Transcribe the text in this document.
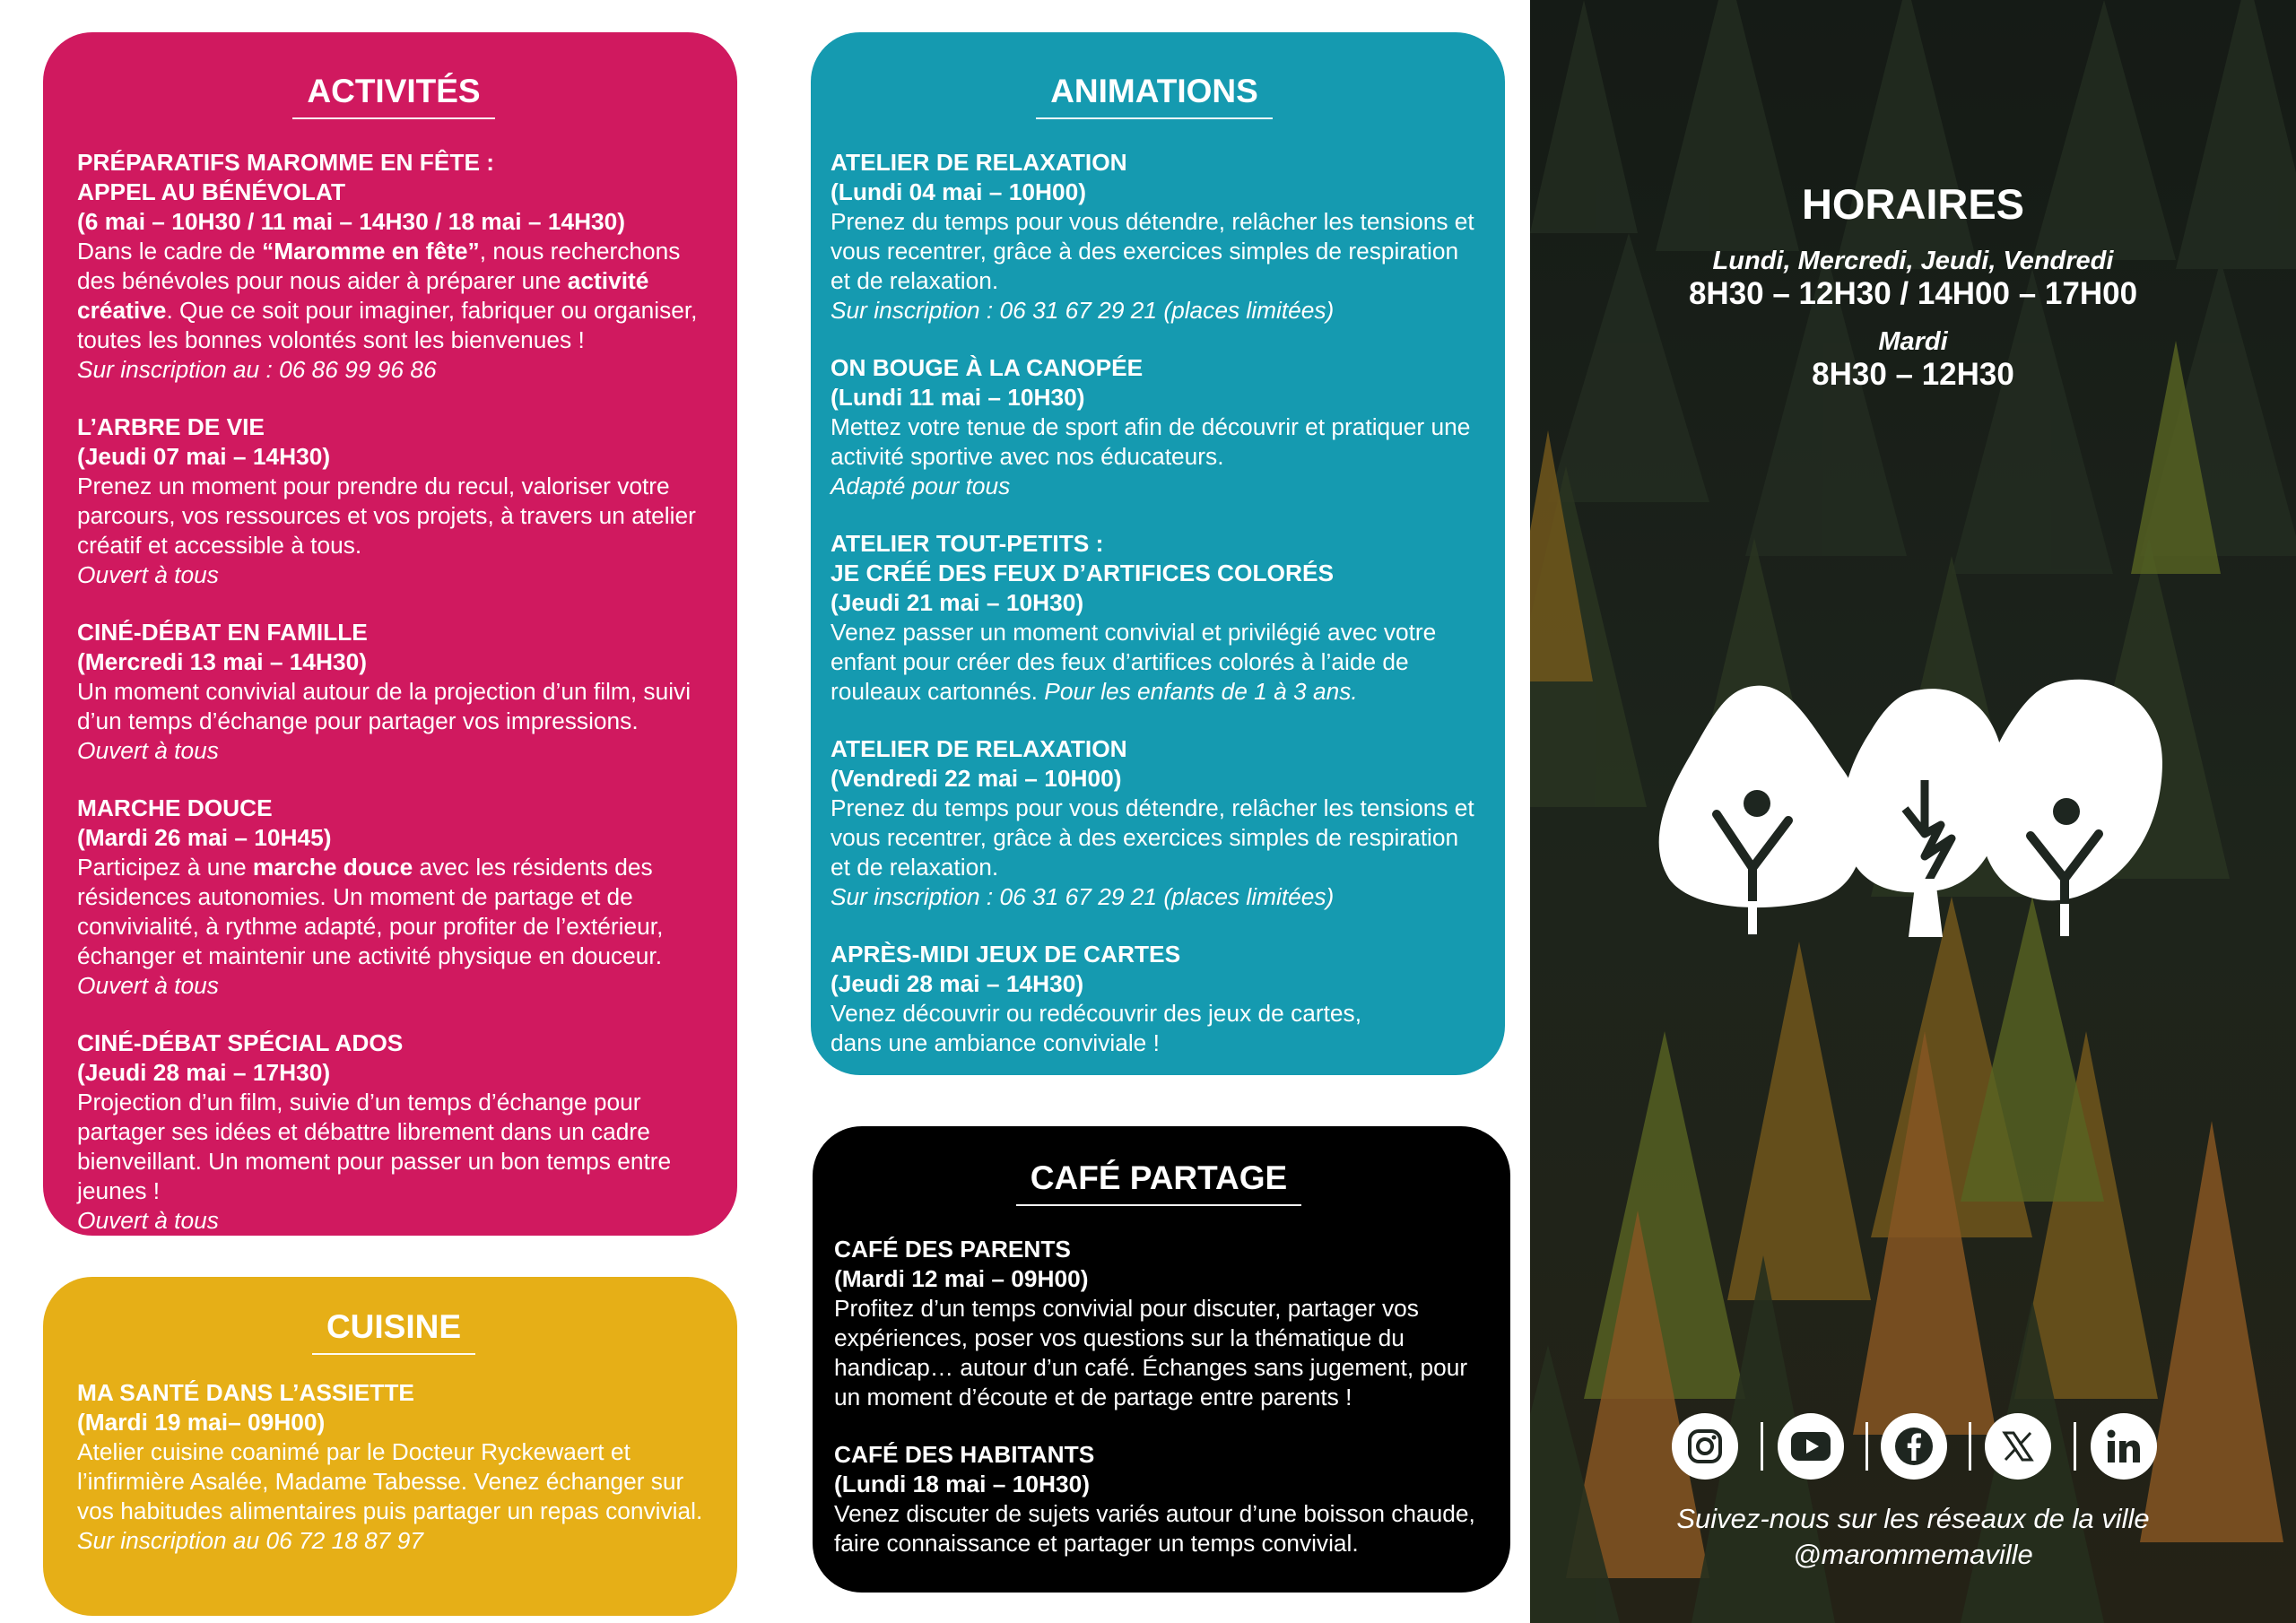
ACTIVITÉS
PRÉPARATIFS MAROMME EN FÊTE :
APPEL AU BÉNÉVOLAT
(6 mai – 10H30 / 11 mai – 14H30 / 18 mai – 14H30)
Dans le cadre de “Maromme en fête”, nous recherchons des bénévoles pour nous aider à préparer une activité créative. Que ce soit pour imaginer, fabriquer ou organiser, toutes les bonnes volontés sont les bienvenues !
Sur inscription au : 06 86 99 96 86
L’ARBRE DE VIE
(Jeudi 07 mai – 14H30)
Prenez un moment pour prendre du recul, valoriser votre parcours, vos ressources et vos projets, à travers un atelier créatif et accessible à tous.
Ouvert à tous
CINÉ-DÉBAT EN FAMILLE
(Mercredi 13 mai – 14H30)
Un moment convivial autour de la projection d’un film, suivi d’un temps d’échange pour partager vos impressions.
Ouvert à tous
MARCHE DOUCE
(Mardi 26 mai – 10H45)
Participez à une marche douce avec les résidents des résidences autonomies. Un moment de partage et de convivialité, à rythme adapté, pour profiter de l’extérieur, échanger et maintenir une activité physique en douceur.
Ouvert à tous
CINÉ-DÉBAT SPÉCIAL ADOS
(Jeudi 28 mai – 17H30)
Projection d’un film, suivie d’un temps d’échange pour partager ses idées et débattre librement dans un cadre bienveillant. Un moment pour passer un bon temps entre jeunes !
Ouvert à tous
CUISINE
MA SANTÉ DANS L’ASSIETTE
(Mardi 19 mai– 09H00)
Atelier cuisine coanimé par le Docteur Ryckewaert et l’infirmière Asalée, Madame Tabesse. Venez échanger sur vos habitudes alimentaires puis partager un repas convivial.
Sur inscription au 06 72 18 87 97
ANIMATIONS
ATELIER DE RELAXATION
(Lundi 04 mai – 10H00)
Prenez du temps pour vous détendre, relâcher les tensions et vous recentrer, grâce à des exercices simples de respiration et de relaxation.
Sur inscription : 06 31 67 29 21 (places limitées)
ON BOUGE À LA CANOPÉE
(Lundi 11 mai – 10H30)
Mettez votre tenue de sport afin de découvrir et pratiquer une activité sportive avec nos éducateurs.
Adapté pour tous
ATELIER TOUT-PETITS :
JE CRÉÉ DES FEUX D’ARTIFICES COLORÉS
(Jeudi 21 mai – 10H30)
Venez passer un moment convivial et privilégié avec votre enfant pour créer des feux d’artifices colorés à l’aide de rouleaux cartonnés. Pour les enfants de 1 à 3 ans.
ATELIER DE RELAXATION
(Vendredi 22 mai – 10H00)
Prenez du temps pour vous détendre, relâcher les tensions et vous recentrer, grâce à des exercices simples de respiration et de relaxation.
Sur inscription : 06 31 67 29 21 (places limitées)
APRÈS-MIDI JEUX DE CARTES
(Jeudi 28 mai – 14H30)
Venez découvrir ou redécouvrir des jeux de cartes, dans une ambiance conviviale !
CAFÉ PARTAGE
CAFÉ DES PARENTS
(Mardi 12 mai – 09H00)
Profitez d’un temps convivial pour discuter, partager vos expériences, poser vos questions sur la thématique du handicap… autour d’un café. Échanges sans jugement, pour un moment d’écoute et de partage entre parents !
CAFÉ DES HABITANTS
(Lundi 18 mai – 10H30)
Venez discuter de sujets variés autour d’une boisson chaude, faire connaissance et partager un temps convivial.
HORAIRES
Lundi, Mercredi, Jeudi, Vendredi
8H30 – 12H30 / 14H00 – 17H00
Mardi
8H30 – 12H30
Suivez-nous sur les réseaux de la ville
@marommemaville
